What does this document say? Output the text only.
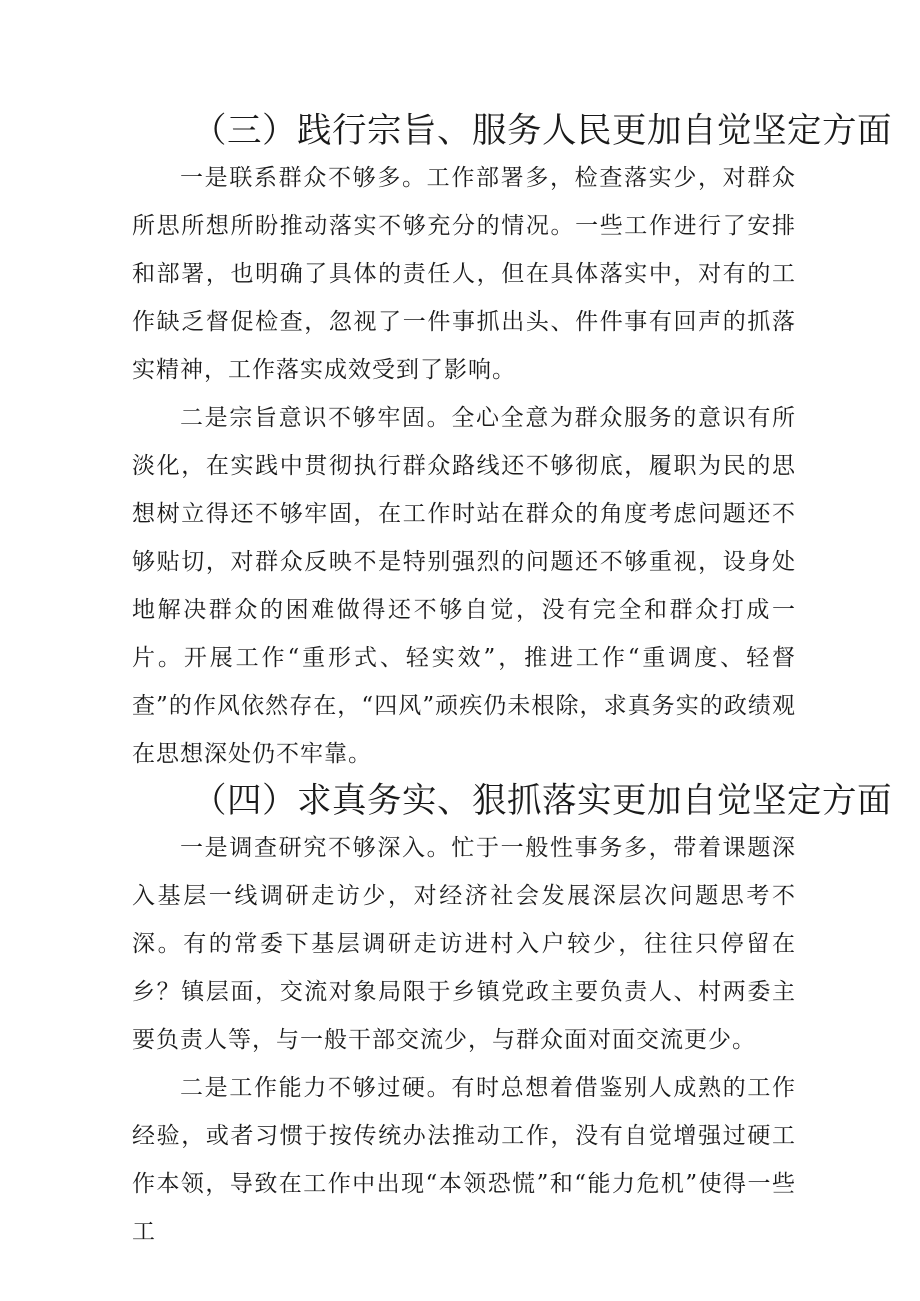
（三）践行宗旨、服务人民更加自觉坚定方面

一是联系群众不够多。工作部署多，检查落实少，对群众所思所想所盼推动落实不够充分的情况。一些工作进行了安排和部署，也明确了具体的责任人，但在具体落实中，对有的工作缺乏督促检查，忽视了一件事抓出头、件件事有回声的抓落实精神，工作落实成效受到了影响。

二是宗旨意识不够牢固。全心全意为群众服务的意识有所淡化，在实践中贯彻执行群众路线还不够彻底，履职为民的思想树立得还不够牢固，在工作时站在群众的角度考虑问题还不够贴切，对群众反映不是特别强烈的问题还不够重视，设身处地解决群众的困难做得还不够自觉，没有完全和群众打成一片。开展工作“重形式、轻实效”，推进工作“重调度、轻督查”的作风依然存在，“四风”顽疾仍未根除，求真务实的政绩观在思想深处仍不牢靠。

（四）求真务实、狠抓落实更加自觉坚定方面

一是调查研究不够深入。忙于一般性事务多，带着课题深入基层一线调研走访少，对经济社会发展深层次问题思考不深。有的常委下基层调研走访进村入户较少，往往只停留在乡？镇层面，交流对象局限于乡镇党政主要负责人、村两委主要负责人等，与一般干部交流少，与群众面对面交流更少。

二是工作能力不够过硬。有时总想着借鉴别人成熟的工作经验，或者习惯于按传统办法推动工作，没有自觉增强过硬工作本领，导致在工作中出现“本领恐慌”和“能力危机”使得一些工
